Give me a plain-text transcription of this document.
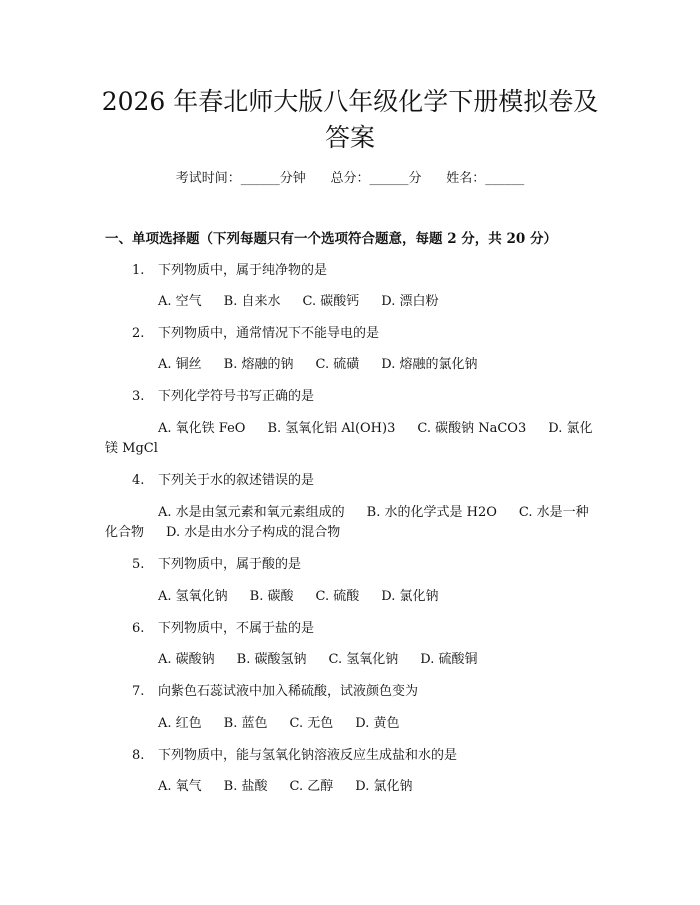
2026 年春北师大版八年级化学下册模拟卷及答案
考试时间：______分钟      总分：______分      姓名：______
一、单项选择题（下列每题只有一个选项符合题意，每题 2 分，共 20 分）
1. 下列物质中，属于纯净物的是
A. 空气 B. 自来水 C. 碳酸钙 D. 漂白粉
2. 下列物质中，通常情况下不能导电的是
A. 铜丝 B. 熔融的钠 C. 硫磺 D. 熔融的氯化钠
3. 下列化学符号书写正确的是
A. 氧化铁 FeO B. 氢氧化铝 Al(OH)3 C. 碳酸钠 NaCO3 D. 氯化镁 MgCl
4. 下列关于水的叙述错误的是
A. 水是由氢元素和氧元素组成的 B. 水的化学式是 H2O C. 水是一种化合物 D. 水是由水分子构成的混合物
5. 下列物质中，属于酸的是
A. 氢氧化钠 B. 碳酸 C. 硫酸 D. 氯化钠
6. 下列物质中，不属于盐的是
A. 碳酸钠 B. 碳酸氢钠 C. 氢氧化钠 D. 硫酸铜
7. 向紫色石蕊试液中加入稀硫酸，试液颜色变为
A. 红色 B. 蓝色 C. 无色 D. 黄色
8. 下列物质中，能与氢氧化钠溶液反应生成盐和水的是
A. 氧气 B. 盐酸 C. 乙醇 D. 氯化钠
